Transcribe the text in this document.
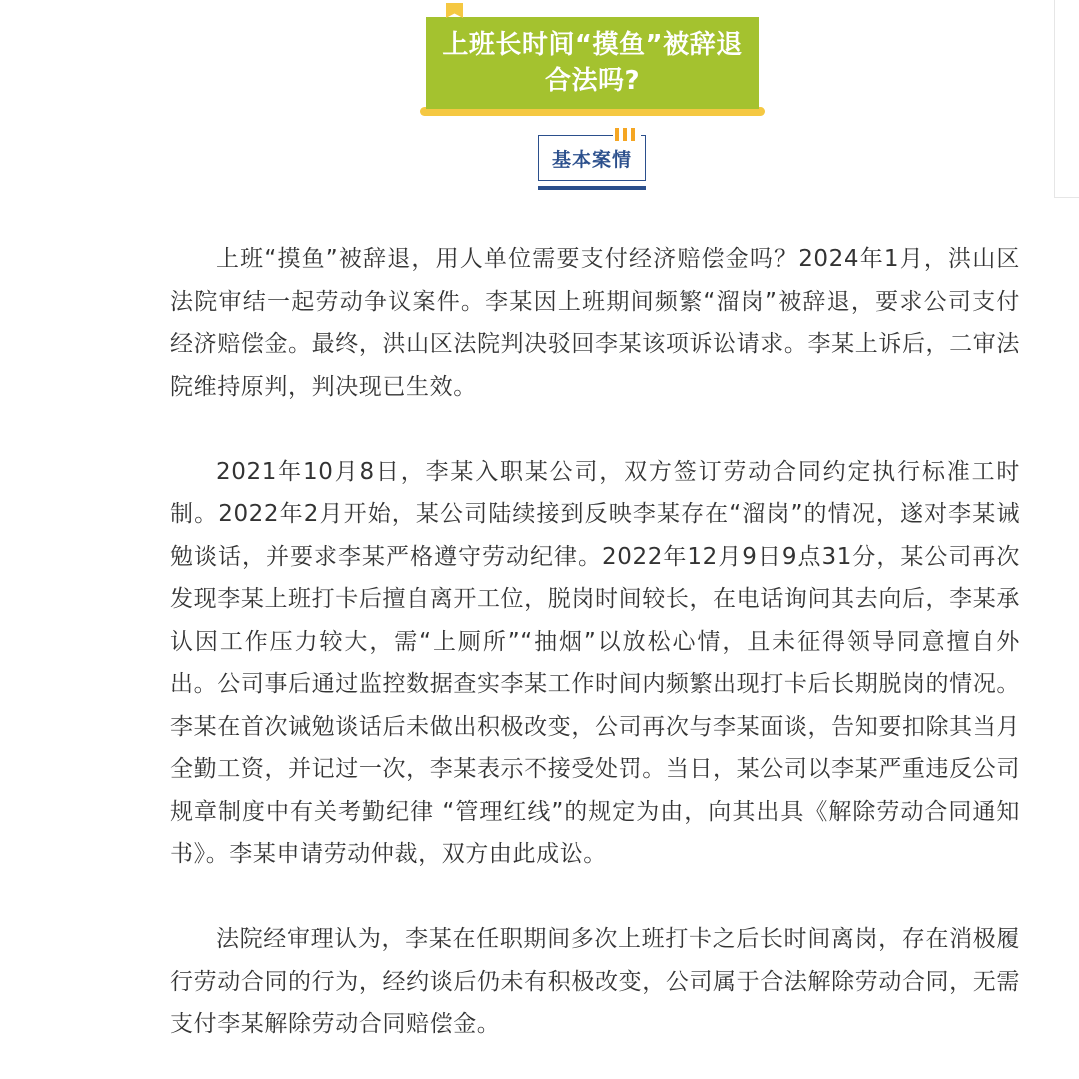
上班长时间“摸鱼”被辞退
合法吗?
基本案情

上班“摸鱼”被辞退，用人单位需要支付经济赔偿金吗？2024年1月，洪山区法院审结一起劳动争议案件。李某因上班期间频繁“溜岗”被辞退，要求公司支付经济赔偿金。最终，洪山区法院判决驳回李某该项诉讼请求。李某上诉后，二审法院维持原判，判决现已生效。

2021年10月8日，李某入职某公司，双方签订劳动合同约定执行标准工时制。2022年2月开始，某公司陆续接到反映李某存在“溜岗”的情况，遂对李某诫勉谈话，并要求李某严格遵守劳动纪律。2022年12月9日9点31分，某公司再次发现李某上班打卡后擅自离开工位，脱岗时间较长，在电话询问其去向后，李某承认因工作压力较大，需“上厕所”“抽烟”以放松心情，且未征得领导同意擅自外出。公司事后通过监控数据查实李某工作时间内频繁出现打卡后长期脱岗的情况。李某在首次诫勉谈话后未做出积极改变，公司再次与李某面谈，告知要扣除其当月全勤工资，并记过一次，李某表示不接受处罚。当日，某公司以李某严重违反公司规章制度中有关考勤纪律 “管理红线”的规定为由，向其出具《解除劳动合同通知书》。李某申请劳动仲裁，双方由此成讼。

法院经审理认为，李某在任职期间多次上班打卡之后长时间离岗，存在消极履行劳动合同的行为，经约谈后仍未有积极改变，公司属于合法解除劳动合同，无需支付李某解除劳动合同赔偿金。
